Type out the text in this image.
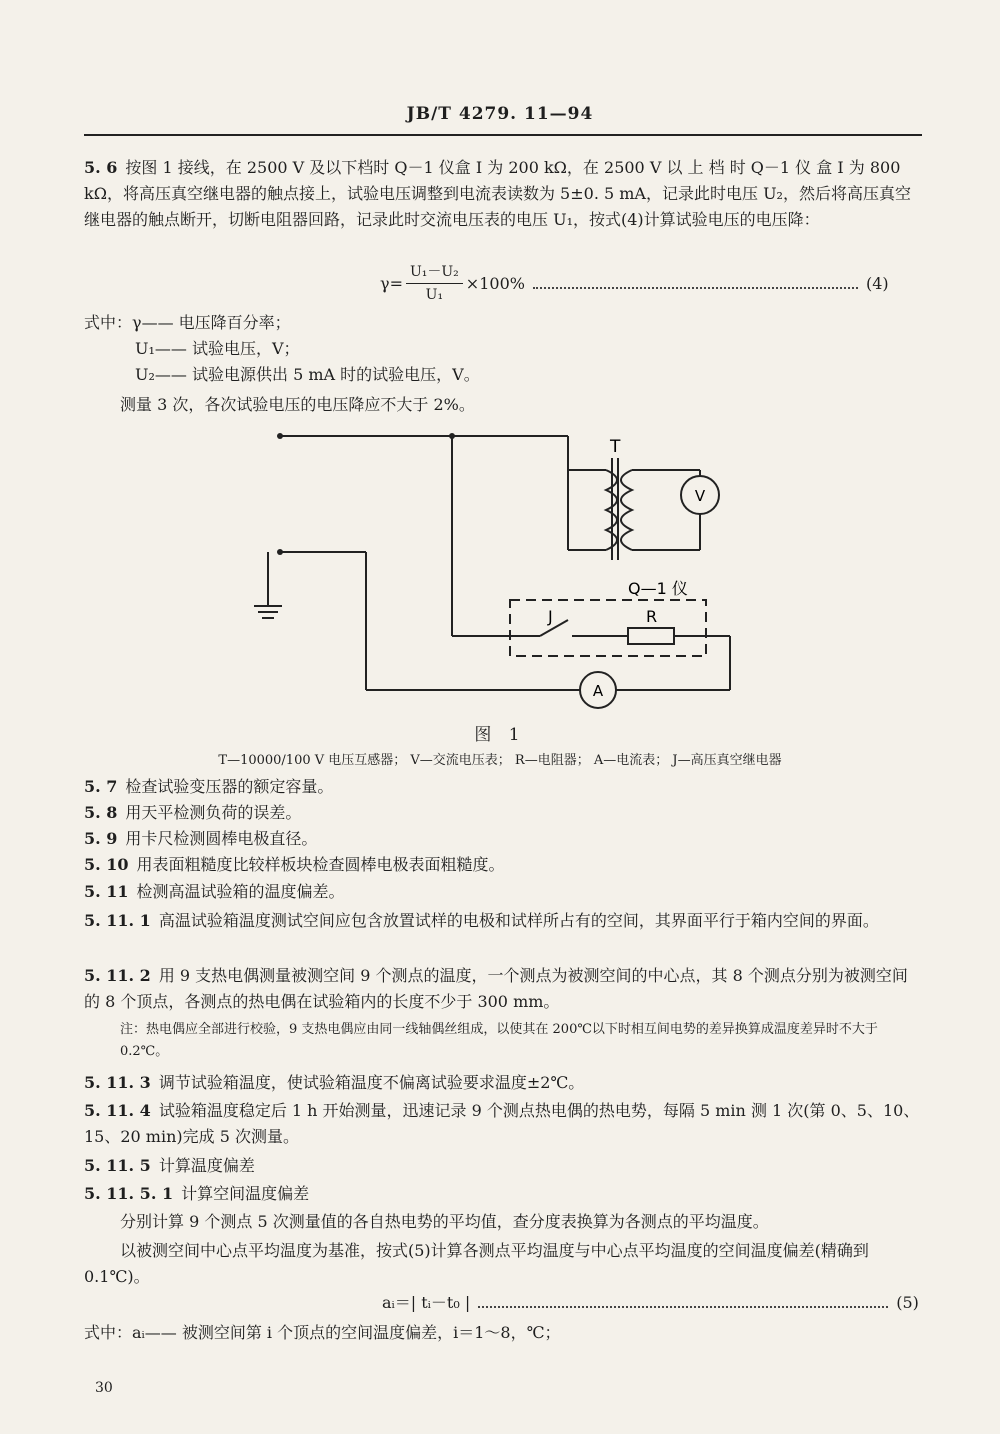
JB/T 4279. 11—94

5. 6 按图 1 接线，在 2500 V 及以下档时 Q－1 仪盒 Ⅰ 为 200 kΩ，在 2500 V 以 上 档 时 Q－1 仪 盒 Ⅰ 为 800 kΩ，将高压真空继电器的触点接上，试验电压调整到电流表读数为 5±0. 5 mA，记录此时电压 U₂，然后将高压真空继电器的触点断开，切断电阻器回路，记录此时交流电压表的电压 U₁，按式(4)计算试验电压的电压降：

$\gamma= \frac{\text{U₁－U₂}}{\text{U₁}} \times 100\%$	(4)

式中：γ—— 电压降百分率；

U₁—— 试验电压，V；

U₂—— 试验电源供出 5 mA 时的试验电压，V。

测量 3 次，各次试验电压的电压降应不大于 2%。

T
V
Q—1 仪
J	R
A
图 1
T—10000/100 V 电压互感器； V—交流电压表； R—电阻器； A—电流表； J—高压真空继电器

5. 7 检查试验变压器的额定容量。

5. 8 用天平检测负荷的误差。

5. 9 用卡尺检测圆棒电极直径。

5. 10 用表面粗糙度比较样板块检查圆棒电极表面粗糙度。

5. 11 检测高温试验箱的温度偏差。

5. 11. 1 高温试验箱温度测试空间应包含放置试样的电极和试样所占有的空间，其界面平行于箱内空间的界面。

5. 11. 2 用 9 支热电偶测量被测空间 9 个测点的温度，一个测点为被测空间的中心点，其 8 个测点分别为被测空间的 8 个顶点，各测点的热电偶在试验箱内的长度不少于 300 mm。

注：热电偶应全部进行校验，9 支热电偶应由同一线轴偶丝组成，以使其在 200℃以下时相互间电势的差异换算成温度差异时不大于 0.2℃。

5. 11. 3 调节试验箱温度，使试验箱温度不偏离试验要求温度±2℃。

5. 11. 4 试验箱温度稳定后 1 h 开始测量，迅速记录 9 个测点热电偶的热电势，每隔 5 min 测 1 次(第 0、5、10、15、20 min)完成 5 次测量。

5. 11. 5 计算温度偏差

5. 11. 5. 1 计算空间温度偏差

分别计算 9 个测点 5 次测量值的各自热电势的平均值，查分度表换算为各测点的平均温度。

以被测空间中心点平均温度为基准，按式(5)计算各测点平均温度与中心点平均温度的空间温度偏差(精确到 0.1℃)。

aᵢ＝| tᵢ－t₀ |	(5)

式中：aᵢ—— 被测空间第 i 个顶点的空间温度偏差，i＝1～8，℃；

30
